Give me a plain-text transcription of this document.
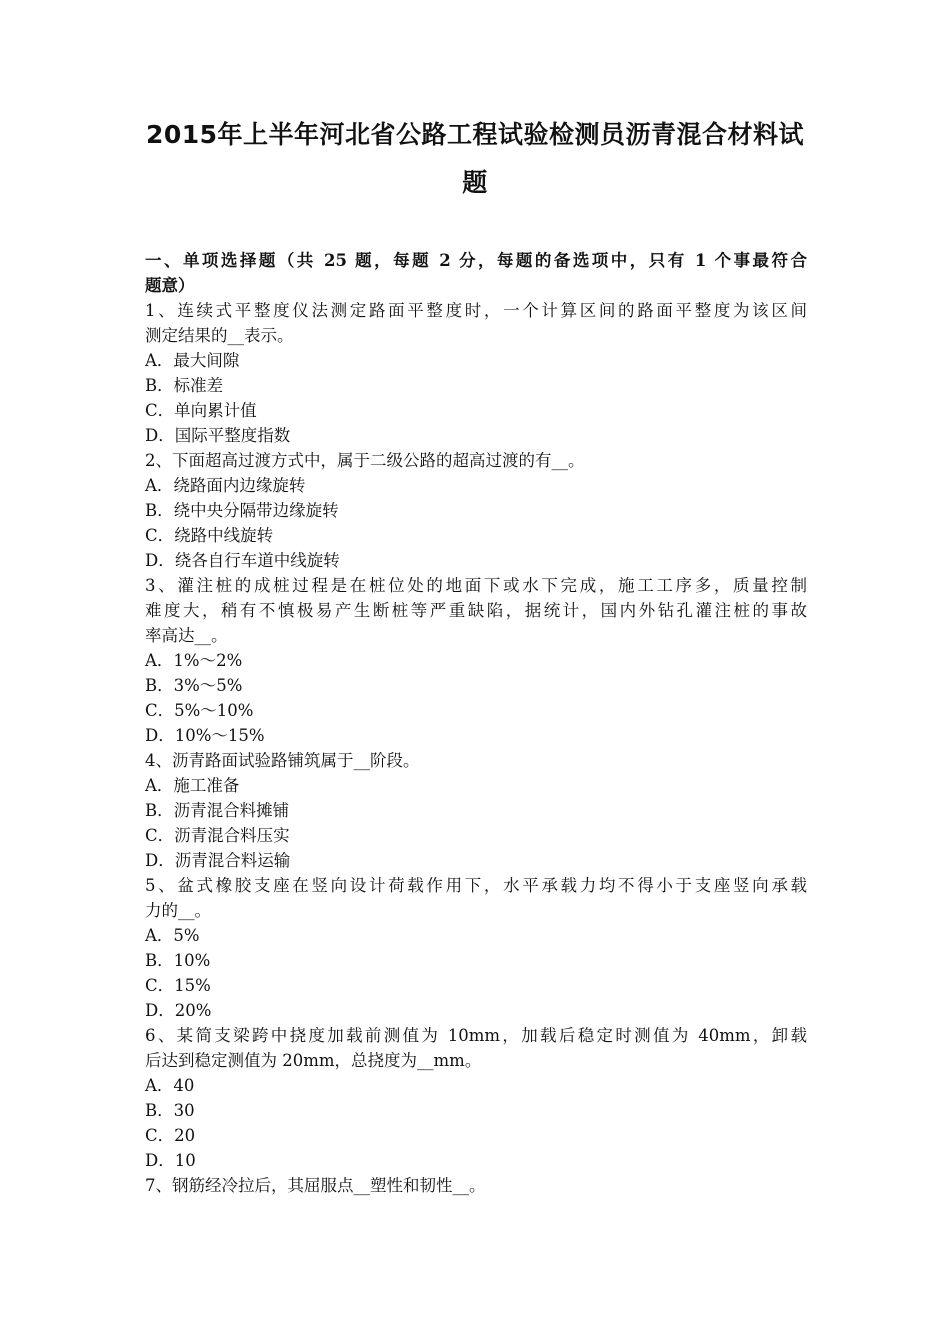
2015年上半年河北省公路工程试验检测员沥青混合材料试
题
一、单项选择题（共 25 题，每题 2 分，每题的备选项中，只有 1 个事最符合
题意）
1、连续式平整度仪法测定路面平整度时，一个计算区间的路面平整度为该区间
测定结果的__表示。
A．最大间隙
B．标准差
C．单向累计值
D．国际平整度指数
2、下面超高过渡方式中，属于二级公路的超高过渡的有__。
A．绕路面内边缘旋转
B．绕中央分隔带边缘旋转
C．绕路中线旋转
D．绕各自行车道中线旋转
3、灌注桩的成桩过程是在桩位处的地面下或水下完成，施工工序多，质量控制
难度大，稍有不慎极易产生断桩等严重缺陷，据统计，国内外钻孔灌注桩的事故
率高达__。
A．1%～2%
B．3%～5%
C．5%～10%
D．10%～15%
4、沥青路面试验路铺筑属于__阶段。
A．施工准备
B．沥青混合料摊铺
C．沥青混合料压实
D．沥青混合料运输
5、盆式橡胶支座在竖向设计荷载作用下，水平承载力均不得小于支座竖向承载
力的__。
A．5%
B．10%
C．15%
D．20%
6、某简支梁跨中挠度加载前测值为 10mm，加载后稳定时测值为 40mm，卸载
后达到稳定测值为 20mm，总挠度为__mm。
A．40
B．30
C．20
D．10
7、钢筋经冷拉后，其屈服点__塑性和韧性__。
